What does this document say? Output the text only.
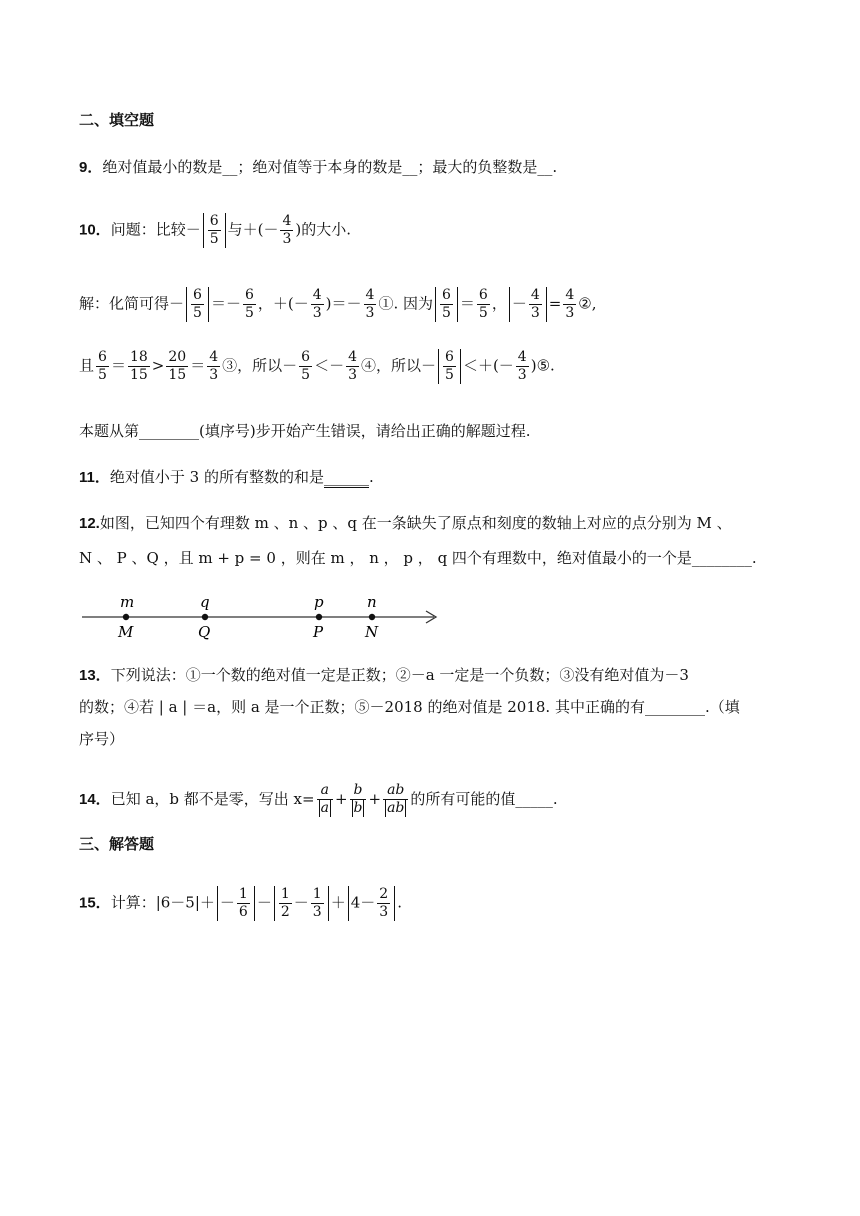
二、填空题
9．绝对值最小的数是__；绝对值等于本身的数是__；最大的负整数是__.
10．问题：比较－ $\frac{6}{5}$ 与＋(－ $\frac{4}{3}$ )的大小.
解：化简可得－ $\frac{6}{5} =- \frac{6}{5}$ ，＋(－ $\frac{4}{3}$ )＝－ $\frac{4}{3}$ ①. 因为 $\frac{6}{5} = \frac{6}{5}$ ， － $\frac{4}{3} = \frac{4}{3}$ ②,
且 $\frac{6}{5} = \frac{18}{15} > \frac{20}{15} = \frac{4}{3}$ ③，所以－ $\frac{6}{5} <- \frac{4}{3}$ ④，所以－ $\frac{6}{5}$ ＜＋(－ $\frac{4}{3}$ )⑤.
本题从第________(填序号)步开始产生错误，请给出正确的解题过程.
11．绝对值小于 3 的所有整数的和是______.
12.如图，已知四个有理数 m 、n 、p 、q 在一条缺失了原点和刻度的数轴上对应的点分别为 M 、
N 、 P 、Q ，且 m + p = 0 ，则在 m ， n ， p ， q 四个有理数中，绝对值最小的一个是________.
m	q	p	n
M	Q	P	N
13．下列说法：①一个数的绝对值一定是正数；②－a 一定是一个负数；③没有绝对值为－3
的数；④若 | a | ＝a，则 a 是一个正数；⑤－2018 的绝对值是 2018. 其中正确的有________.（填
序号）
14．已知 a，b 都不是零，写出 $x= \frac{a}{a} + \frac{b}{b} + \frac{ab}{ab}$ 的所有可能的值_____.
三、解答题
15．计算：$|6-5|+ - \frac{1}{6} - \frac{1}{2} - \frac{1}{3} + 4- \frac{2}{3}$ .
